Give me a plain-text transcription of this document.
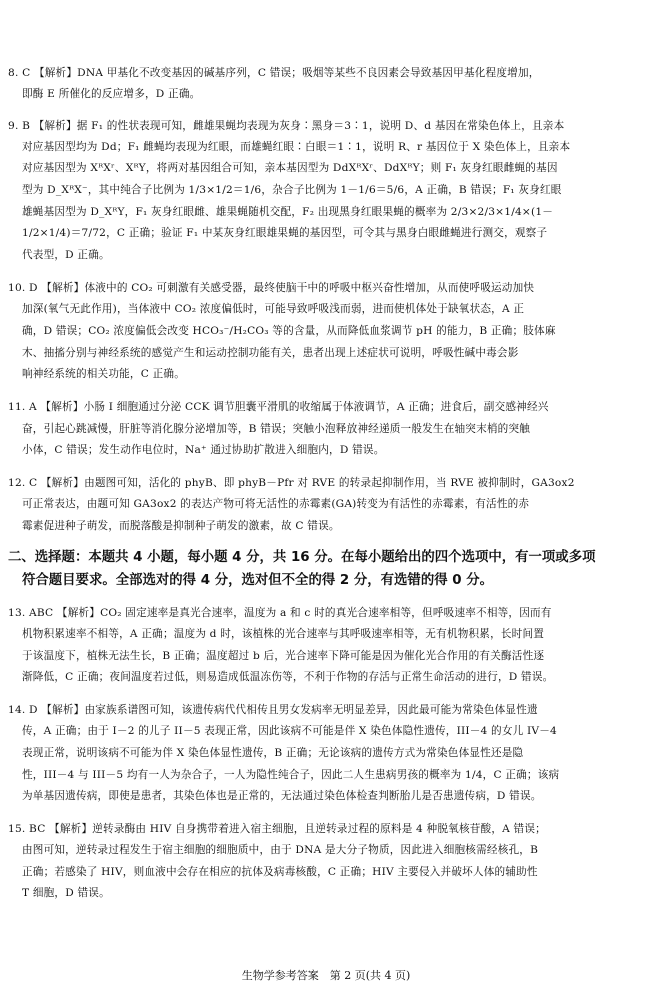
8. C 【解析】DNA 甲基化不改变基因的碱基序列，C 错误；吸烟等某些不良因素会导致基因甲基化程度增加，
即酶 E 所催化的反应增多，D 正确。
9. B 【解析】据 F₁ 的性状表现可知，雌雄果蝇均表现为灰身∶黑身＝3∶1，说明 D、d 基因在常染色体上，且亲本
对应基因型均为 Dd；F₁ 雌蝇均表现为红眼，而雄蝇红眼∶白眼＝1∶1，说明 R、r 基因位于 X 染色体上，且亲本
对应基因型为 XᴿXʳ、XᴿY，将两对基因组合可知，亲本基因型为 DdXᴿXʳ、DdXᴿY；则 F₁ 灰身红眼雌蝇的基因
型为 D_XᴿX⁻，其中纯合子比例为 1/3×1/2＝1/6，杂合子比例为 1－1/6＝5/6，A 正确，B 错误；F₁ 灰身红眼
雄蝇基因型为 D_XᴿY，F₁ 灰身红眼雌、雄果蝇随机交配，F₂ 出现黑身红眼果蝇的概率为 2/3×2/3×1/4×(1－
1/2×1/4)＝7/72，C 正确；验证 F₁ 中某灰身红眼雄果蝇的基因型，可令其与黑身白眼雌蝇进行测交，观察子
代表型，D 正确。
10. D 【解析】体液中的 CO₂ 可刺激有关感受器，最终使脑干中的呼吸中枢兴奋性增加，从而使呼吸运动加快
加深(氧气无此作用)，当体液中 CO₂ 浓度偏低时，可能导致呼吸浅而弱，进而使机体处于缺氧状态，A 正
确，D 错误；CO₂ 浓度偏低会改变 HCO₃⁻/H₂CO₃ 等的含量，从而降低血浆调节 pH 的能力，B 正确；肢体麻
木、抽搐分别与神经系统的感觉产生和运动控制功能有关，患者出现上述症状可说明，呼吸性碱中毒会影
响神经系统的相关功能，C 正确。
11. A 【解析】小肠 I 细胞通过分泌 CCK 调节胆囊平滑肌的收缩属于体液调节，A 正确；进食后，副交感神经兴
奋，引起心跳减慢，肝脏等消化腺分泌增加等，B 错误；突触小泡释放神经递质一般发生在轴突末梢的突触
小体，C 错误；发生动作电位时，Na⁺ 通过协助扩散进入细胞内，D 错误。
12. C 【解析】由题图可知，活化的 phyB、即 phyB－Pfr 对 RVE 的转录起抑制作用，当 RVE 被抑制时，GA3ox2
可正常表达，由题可知 GA3ox2 的表达产物可将无活性的赤霉素(GA)转变为有活性的赤霉素，有活性的赤
霉素促进种子萌发，而脱落酸是抑制种子萌发的激素，故 C 错误。
二、选择题：本题共 4 小题，每小题 4 分，共 16 分。在每小题给出的四个选项中，有一项或多项
符合题目要求。全部选对的得 4 分，选对但不全的得 2 分，有选错的得 0 分。
13. ABC 【解析】CO₂ 固定速率是真光合速率，温度为 a 和 c 时的真光合速率相等，但呼吸速率不相等，因而有
机物积累速率不相等，A 正确；温度为 d 时，该植株的光合速率与其呼吸速率相等，无有机物积累，长时间置
于该温度下，植株无法生长，B 正确；温度超过 b 后，光合速率下降可能是因为催化光合作用的有关酶活性逐
渐降低，C 正确；夜间温度若过低，则易造成低温冻伤等，不利于作物的存活与正常生命活动的进行，D 错误。
14. D 【解析】由家族系谱图可知，该遗传病代代相传且男女发病率无明显差异，因此最可能为常染色体显性遗
传，A 正确；由于 I－2 的儿子 II－5 表现正常，因此该病不可能是伴 X 染色体隐性遗传，III－4 的女儿 IV－4
表现正常，说明该病不可能为伴 X 染色体显性遗传，B 正确；无论该病的遗传方式为常染色体显性还是隐
性，III－4 与 III－5 均有一人为杂合子，一人为隐性纯合子，因此二人生患病男孩的概率为 1/4，C 正确；该病
为单基因遗传病，即使是患者，其染色体也是正常的，无法通过染色体检查判断胎儿是否患遗传病，D 错误。
15. BC 【解析】逆转录酶由 HIV 自身携带着进入宿主细胞，且逆转录过程的原料是 4 种脱氧核苷酸，A 错误；
由图可知，逆转录过程发生于宿主细胞的细胞质中，由于 DNA 是大分子物质，因此进入细胞核需经核孔，B
正确；若感染了 HIV，则血液中会存在相应的抗体及病毒核酸，C 正确；HIV 主要侵入并破坏人体的辅助性
T 细胞，D 错误。
生物学参考答案　第 2 页(共 4 页)
